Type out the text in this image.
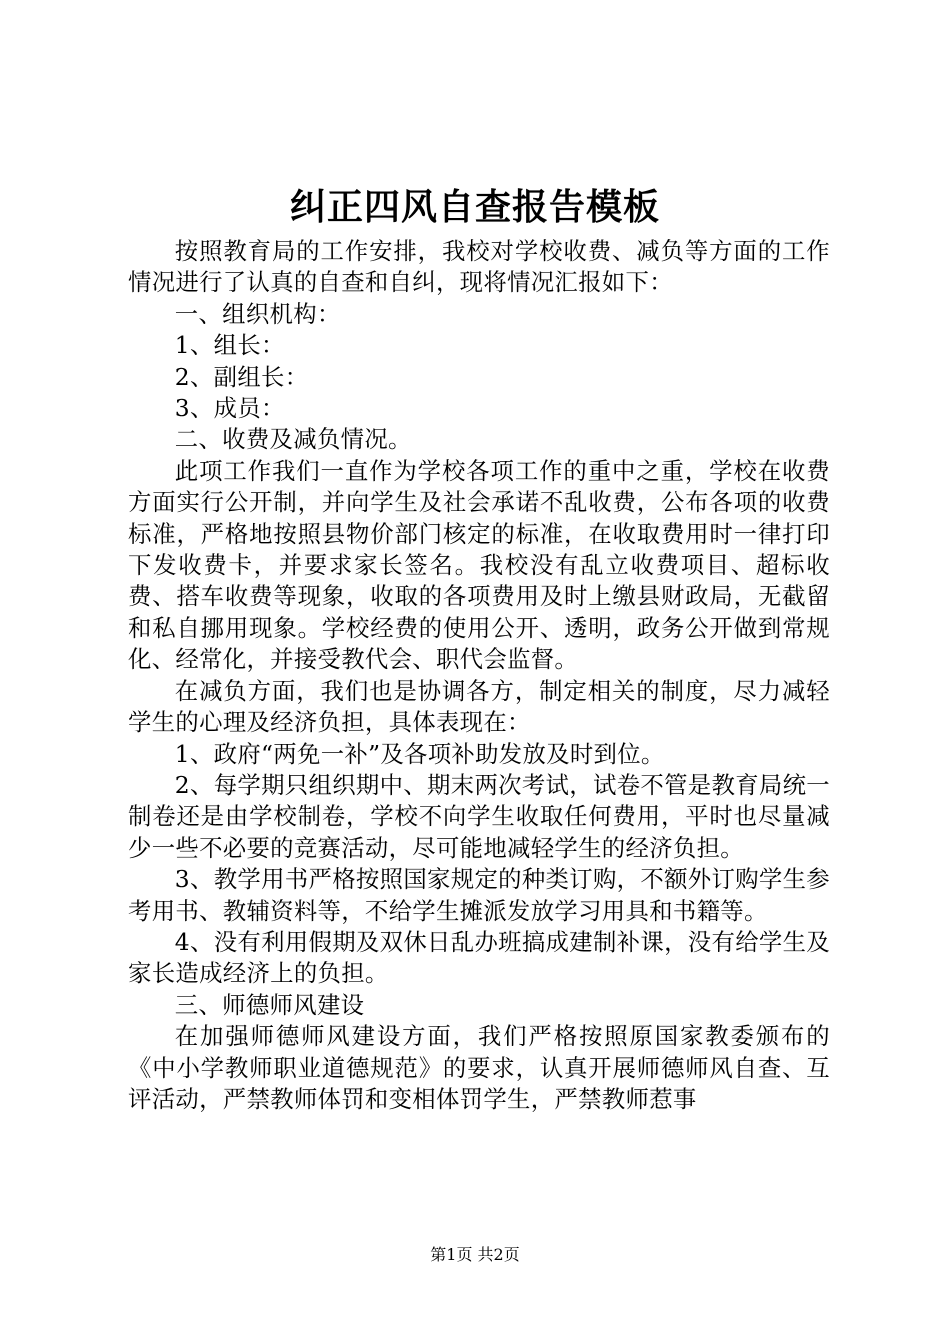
纠正四风自查报告模板

按照教育局的工作安排，我校对学校收费、减负等方面的工作情况进行了认真的自查和自纠，现将情况汇报如下：

一、组织机构：

1、组长：

2、副组长：

3、成员：

二、收费及减负情况。

此项工作我们一直作为学校各项工作的重中之重，学校在收费方面实行公开制，并向学生及社会承诺不乱收费，公布各项的收费标准，严格地按照县物价部门核定的标准，在收取费用时一律打印下发收费卡，并要求家长签名。我校没有乱立收费项目、超标收费、搭车收费等现象，收取的各项费用及时上缴县财政局，无截留和私自挪用现象。学校经费的使用公开、透明，政务公开做到常规化、经常化，并接受教代会、职代会监督。

在减负方面，我们也是协调各方，制定相关的制度，尽力减轻学生的心理及经济负担，具体表现在：

1、政府“两免一补”及各项补助发放及时到位。

2、每学期只组织期中、期末两次考试，试卷不管是教育局统一制卷还是由学校制卷，学校不向学生收取任何费用，平时也尽量减少一些不必要的竞赛活动，尽可能地减轻学生的经济负担。

3、教学用书严格按照国家规定的种类订购，不额外订购学生参考用书、教辅资料等，不给学生摊派发放学习用具和书籍等。

4、没有利用假期及双休日乱办班搞成建制补课，没有给学生及家长造成经济上的负担。

三、师德师风建设

在加强师德师风建设方面，我们严格按照原国家教委颁布的《中小学教师职业道德规范》的要求，认真开展师德师风自查、互评活动，严禁教师体罚和变相体罚学生，严禁教师惹事

第1页 共2页
